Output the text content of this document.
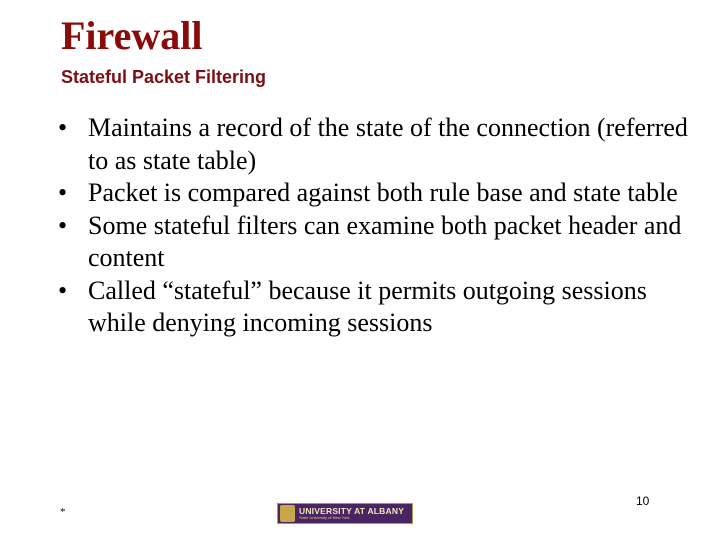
Firewall
Stateful Packet Filtering
• Maintains a record of the state of the connection (referred to as state table)
• Packet is compared against both rule base and state table
• Some stateful filters can examine both packet header and content
• Called “stateful” because it permits outgoing sessions while denying incoming sessions
10
*	UNIVERSITY AT ALBANY
State University of New York
